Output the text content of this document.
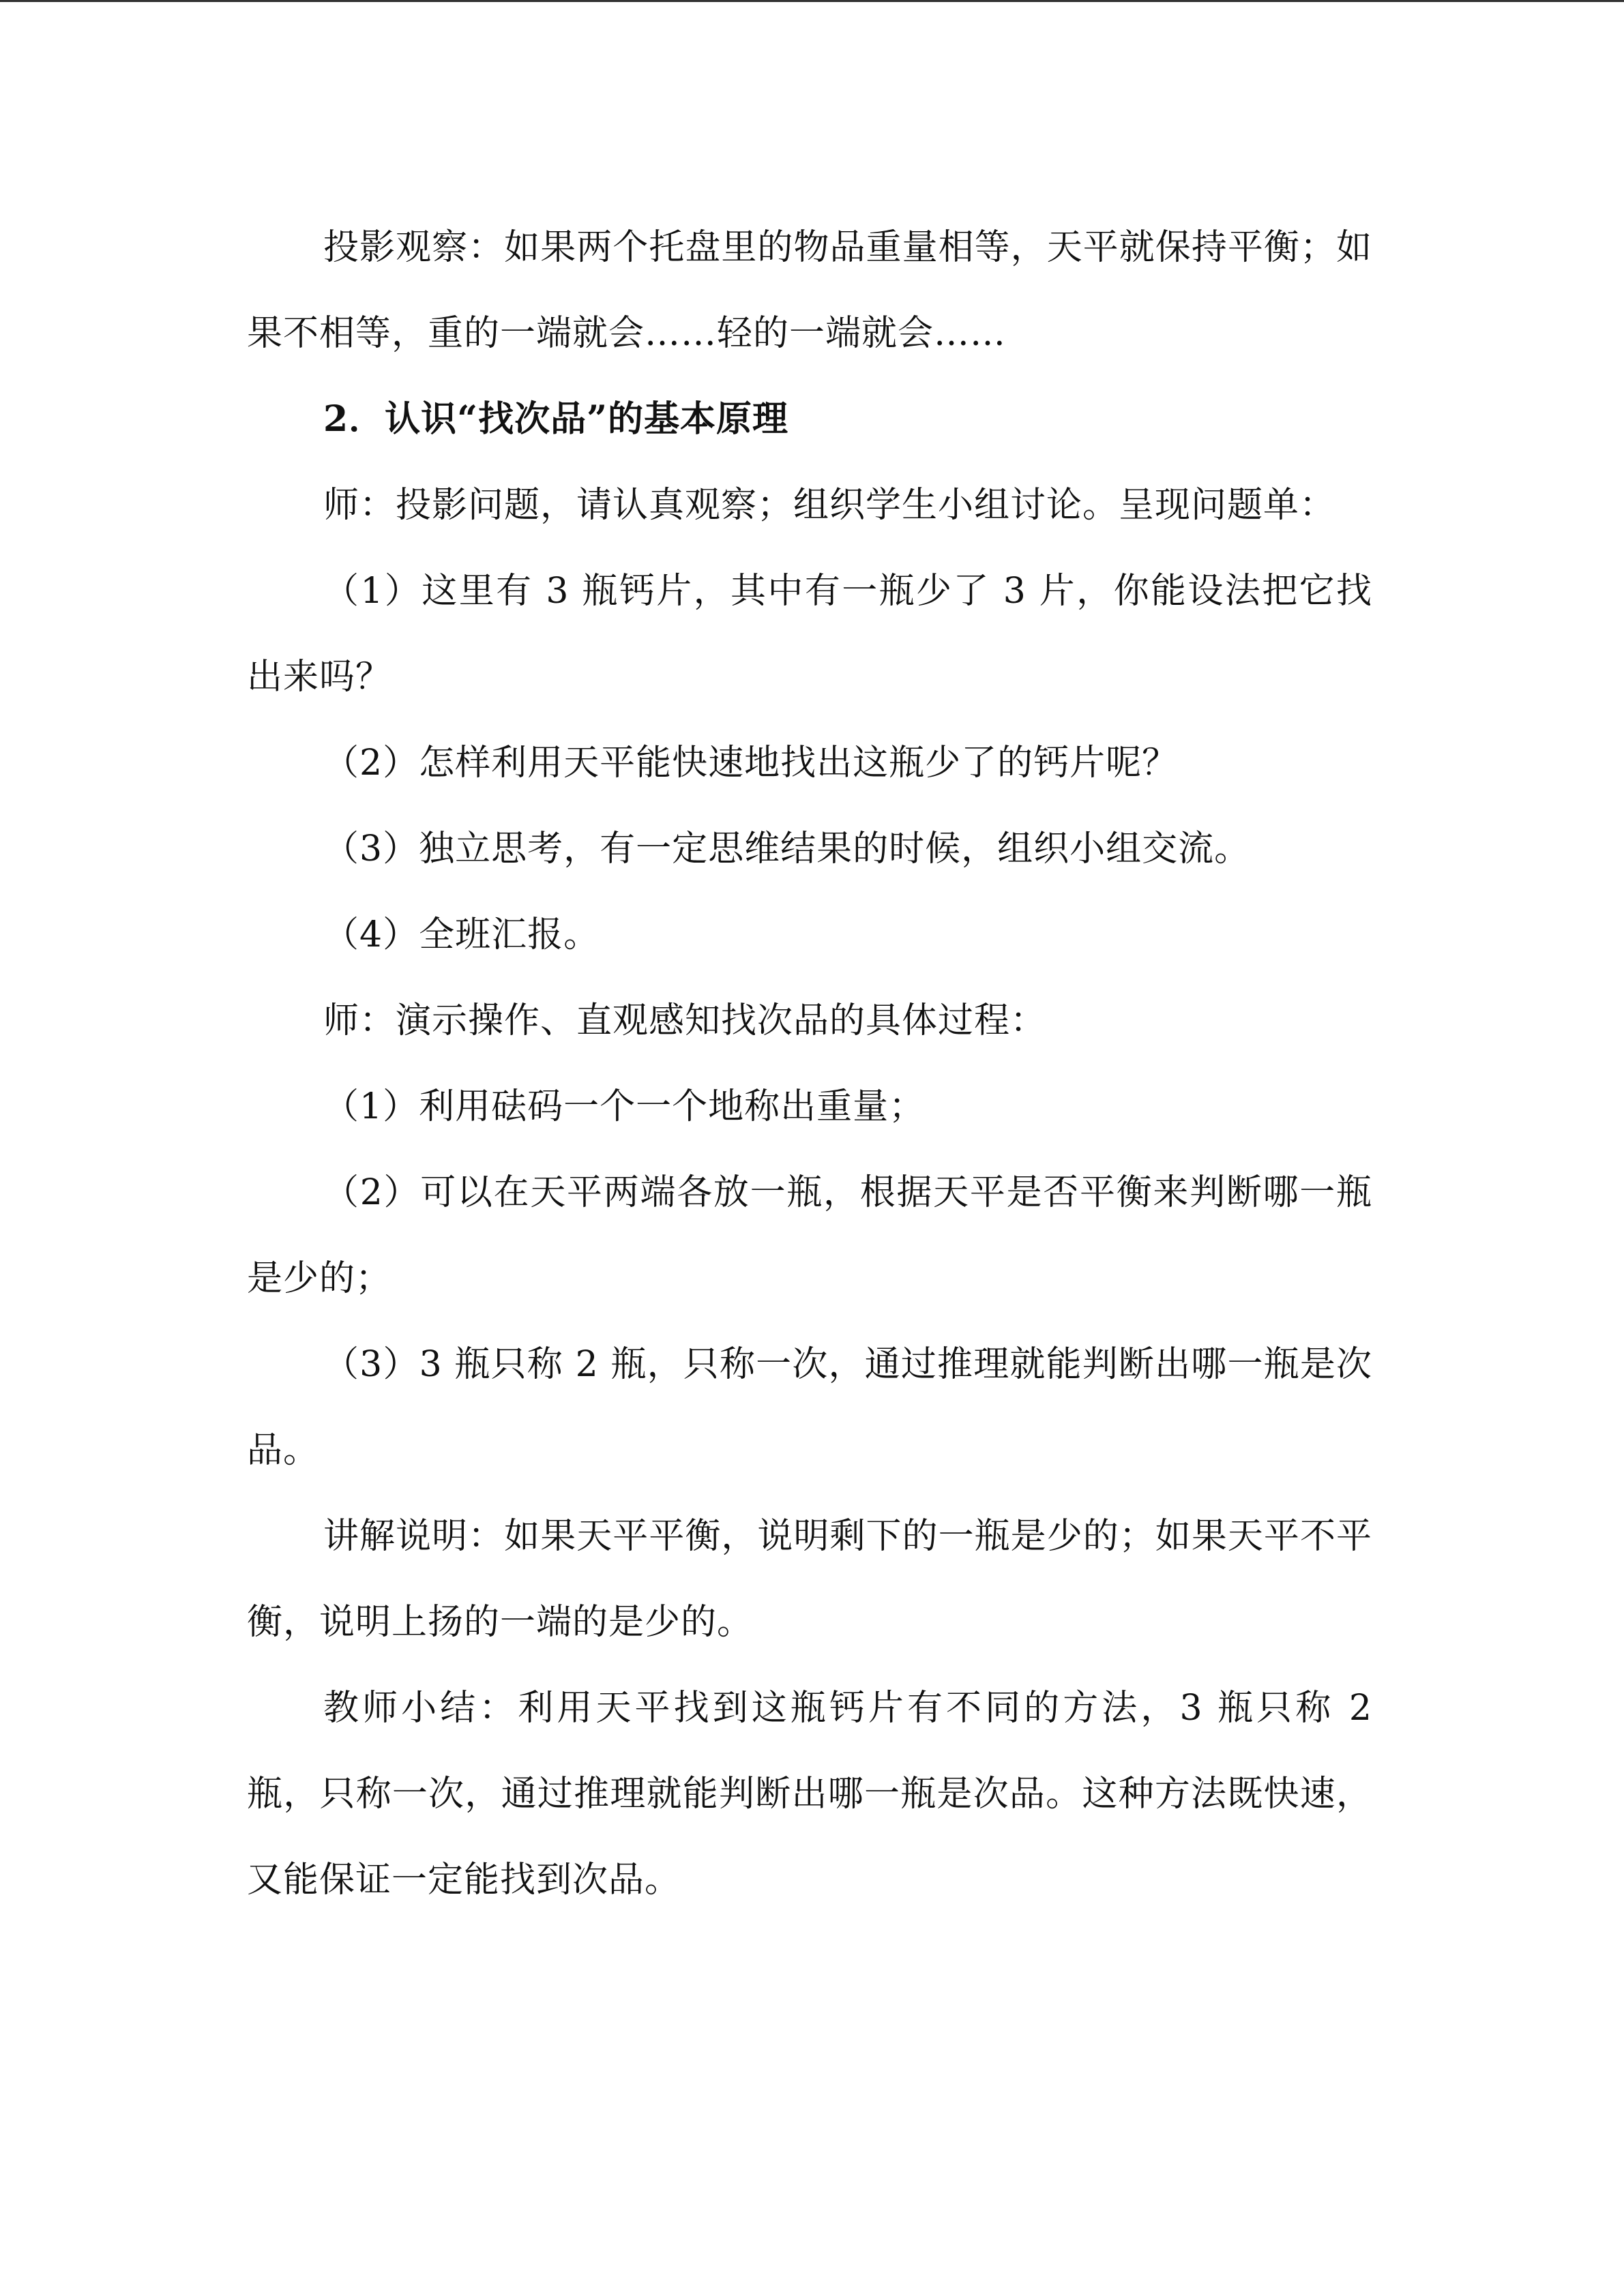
投影观察：如果两个托盘里的物品重量相等，天平就保持平衡；如果不相等，重的一端就会……轻的一端就会……

2．认识“找次品”的基本原理

师：投影问题，请认真观察；组织学生小组讨论。呈现问题单：

（1）这里有 3 瓶钙片，其中有一瓶少了 3 片，你能设法把它找出来吗？

（2）怎样利用天平能快速地找出这瓶少了的钙片呢？

（3）独立思考，有一定思维结果的时候，组织小组交流。

（4）全班汇报。

师：演示操作、直观感知找次品的具体过程：

（1）利用砝码一个一个地称出重量；

（2）可以在天平两端各放一瓶，根据天平是否平衡来判断哪一瓶是少的；

（3）3 瓶只称 2 瓶，只称一次，通过推理就能判断出哪一瓶是次品。

讲解说明：如果天平平衡，说明剩下的一瓶是少的；如果天平不平衡，说明上扬的一端的是少的。

教师小结：利用天平找到这瓶钙片有不同的方法，3 瓶只称 2 瓶，只称一次，通过推理就能判断出哪一瓶是次品。这种方法既快速，又能保证一定能找到次品。
